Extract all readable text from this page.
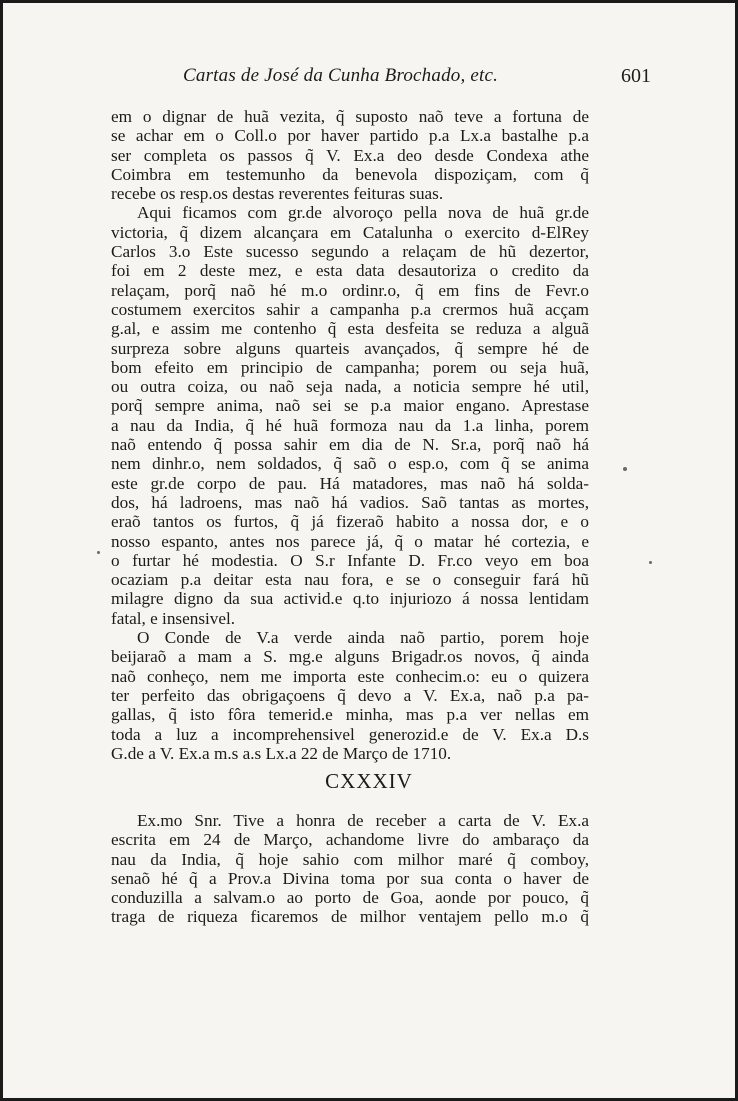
Cartas de José da Cunha Brochado, etc.	601

em o dignar de huã vezita, q̃ suposto naõ teve a fortuna de
se achar em o Coll.o por haver partido p.a Lx.a bastalhe p.a
ser completa os passos q̃ V. Ex.a deo desde Condexa athe
Coimbra em testemunho da benevola dispoziçam, com q̃
recebe os resp.os destas reverentes feituras suas.

Aqui ficamos com gr.de alvoroço pella nova de huã gr.de
victoria, q̃ dizem alcançara em Catalunha o exercito d-ElRey
Carlos 3.o Este sucesso segundo a relaçam de hũ dezertor,
foi em 2 deste mez, e esta data desautoriza o credito da
relaçam, porq̃ naõ hé m.o ordinr.o, q̃ em fins de Fevr.o
costumem exercitos sahir a campanha p.a crermos huã acçam
g.al, e assim me contenho q̃ esta desfeita se reduza a alguã
surpreza sobre alguns quarteis avançados, q̃ sempre hé de
bom efeito em principio de campanha; porem ou seja huã,
ou outra coiza, ou naõ seja nada, a noticia sempre hé util,
porq̃ sempre anima, naõ sei se p.a maior engano. Aprestase
a nau da India, q̃ hé huã formoza nau da 1.a linha, porem
naõ entendo q̃ possa sahir em dia de N. Sr.a, porq̃ naõ há
nem dinhr.o, nem soldados, q̃ saõ o esp.o, com q̃ se anima
este gr.de corpo de pau. Há matadores, mas naõ há solda-
dos, há ladroens, mas naõ há vadios. Saõ tantas as mortes,
eraõ tantos os furtos, q̃ já fizeraõ habito a nossa dor, e o
nosso espanto, antes nos parece já, q̃ o matar hé cortezia, e
o furtar hé modestia. O S.r Infante D. Fr.co veyo em boa
ocaziam p.a deitar esta nau fora, e se o conseguir fará hũ
milagre digno da sua activid.e q.to injuriozo á nossa lentidam
fatal, e insensivel.

O Conde de V.a verde ainda naõ partio, porem hoje
beijaraõ a mam a S. mg.e alguns Brigadr.os novos, q̃ ainda
naõ conheço, nem me importa este conhecim.o: eu o quizera
ter perfeito das obrigaçoens q̃ devo a V. Ex.a, naõ p.a pa-
gallas, q̃ isto fôra temerid.e minha, mas p.a ver nellas em
toda a luz a incomprehensivel generozid.e de V. Ex.a D.s
G.de a V. Ex.a m.s a.s Lx.a 22 de Março de 1710.

CXXXIV

Ex.mo Snr. Tive a honra de receber a carta de V. Ex.a
escrita em 24 de Março, achandome livre do ambaraço da
nau da India, q̃ hoje sahio com milhor maré q̃ comboy,
senaõ hé q̃ a Prov.a Divina toma por sua conta o haver de
conduzilla a salvam.o ao porto de Goa, aonde por pouco, q̃
traga de riqueza ficaremos de milhor ventajem pello m.o q̃
